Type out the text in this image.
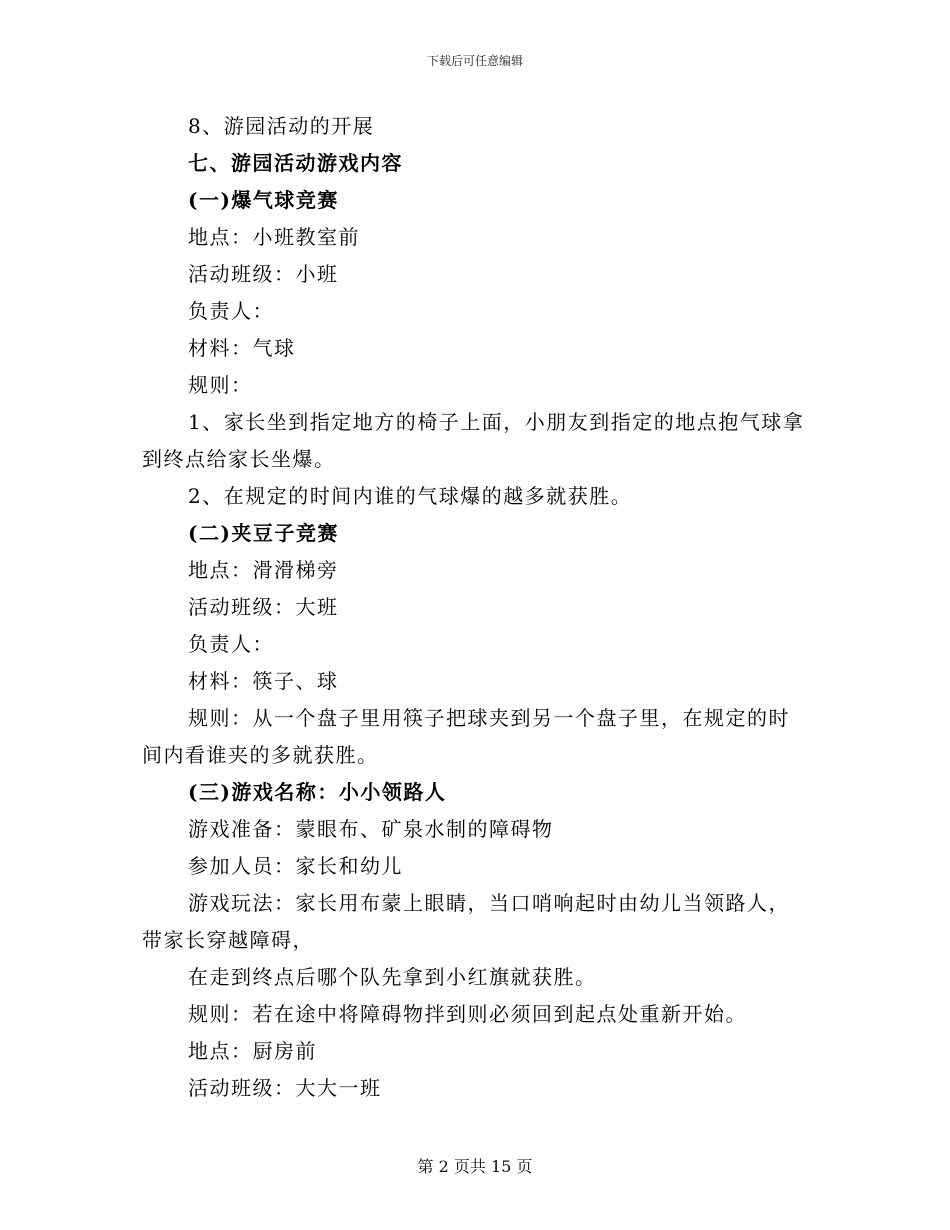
下载后可任意编辑
8、游园活动的开展
七、游园活动游戏内容
(一)爆气球竞赛
地点：小班教室前
活动班级：小班
负责人：
材料：气球
规则：
1、家长坐到指定地方的椅子上面，小朋友到指定的地点抱气球拿
到终点给家长坐爆。
2、在规定的时间内谁的气球爆的越多就获胜。
(二)夹豆子竞赛
地点：滑滑梯旁
活动班级：大班
负责人：
材料：筷子、球
规则：从一个盘子里用筷子把球夹到另一个盘子里，在规定的时
间内看谁夹的多就获胜。
(三)游戏名称：小小领路人
游戏准备：蒙眼布、矿泉水制的障碍物
参加人员：家长和幼儿
游戏玩法：家长用布蒙上眼睛，当口哨响起时由幼儿当领路人，
带家长穿越障碍，
在走到终点后哪个队先拿到小红旗就获胜。
规则：若在途中将障碍物拌到则必须回到起点处重新开始。
地点：厨房前
活动班级：大大一班
第 2 页共 15 页
